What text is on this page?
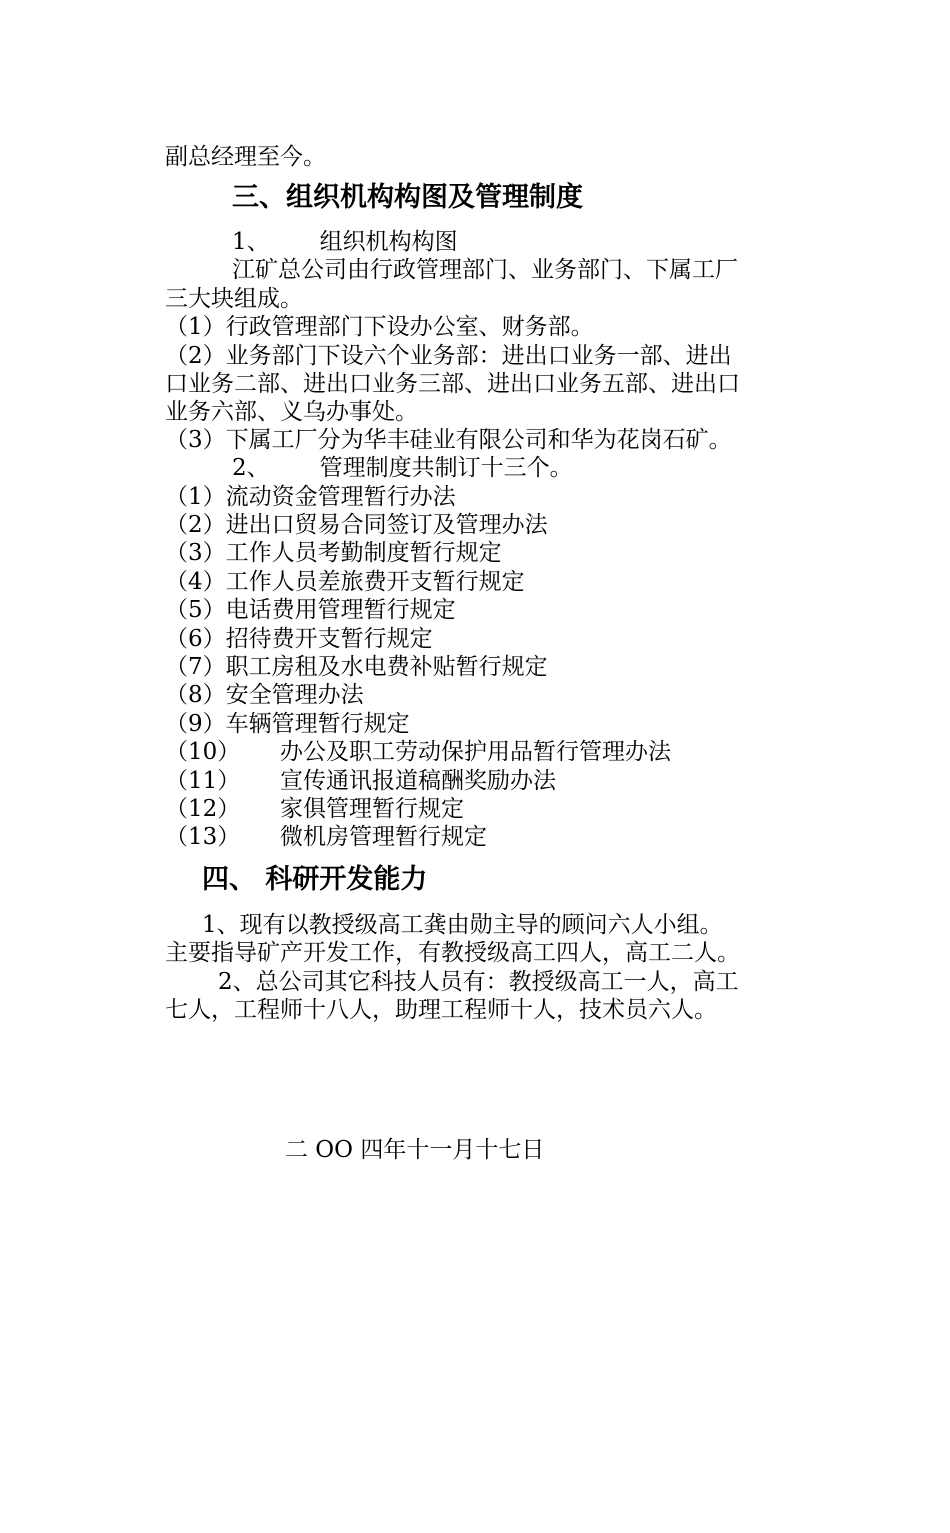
副总经理至今。
三、组织机构构图及管理制度
1、 组织机构构图
江矿总公司由行政管理部门、业务部门、下属工厂
三大块组成。
（1）行政管理部门下设办公室、财务部。
（2）业务部门下设六个业务部：进出口业务一部、进出
口业务二部、进出口业务三部、进出口业务五部、进出口
业务六部、义乌办事处。
（3）下属工厂分为华丰硅业有限公司和华为花岗石矿。
2、 管理制度共制订十三个。
（1）流动资金管理暂行办法
（2）进出口贸易合同签订及管理办法
（3）工作人员考勤制度暂行规定
（4）工作人员差旅费开支暂行规定
（5）电话费用管理暂行规定
（6）招待费开支暂行规定
（7）职工房租及水电费补贴暂行规定
（8）安全管理办法
（9）车辆管理暂行规定
（10） 办公及职工劳动保护用品暂行管理办法
（11） 宣传通讯报道稿酬奖励办法
（12） 家俱管理暂行规定
（13） 微机房管理暂行规定
四、 科研开发能力
1、现有以教授级高工龚由勋主导的顾问六人小组。
主要指导矿产开发工作，有教授级高工四人，高工二人。
2、总公司其它科技人员有：教授级高工一人，高工
七人，工程师十八人，助理工程师十人，技术员六人。
二 OO 四年十一月十七日
